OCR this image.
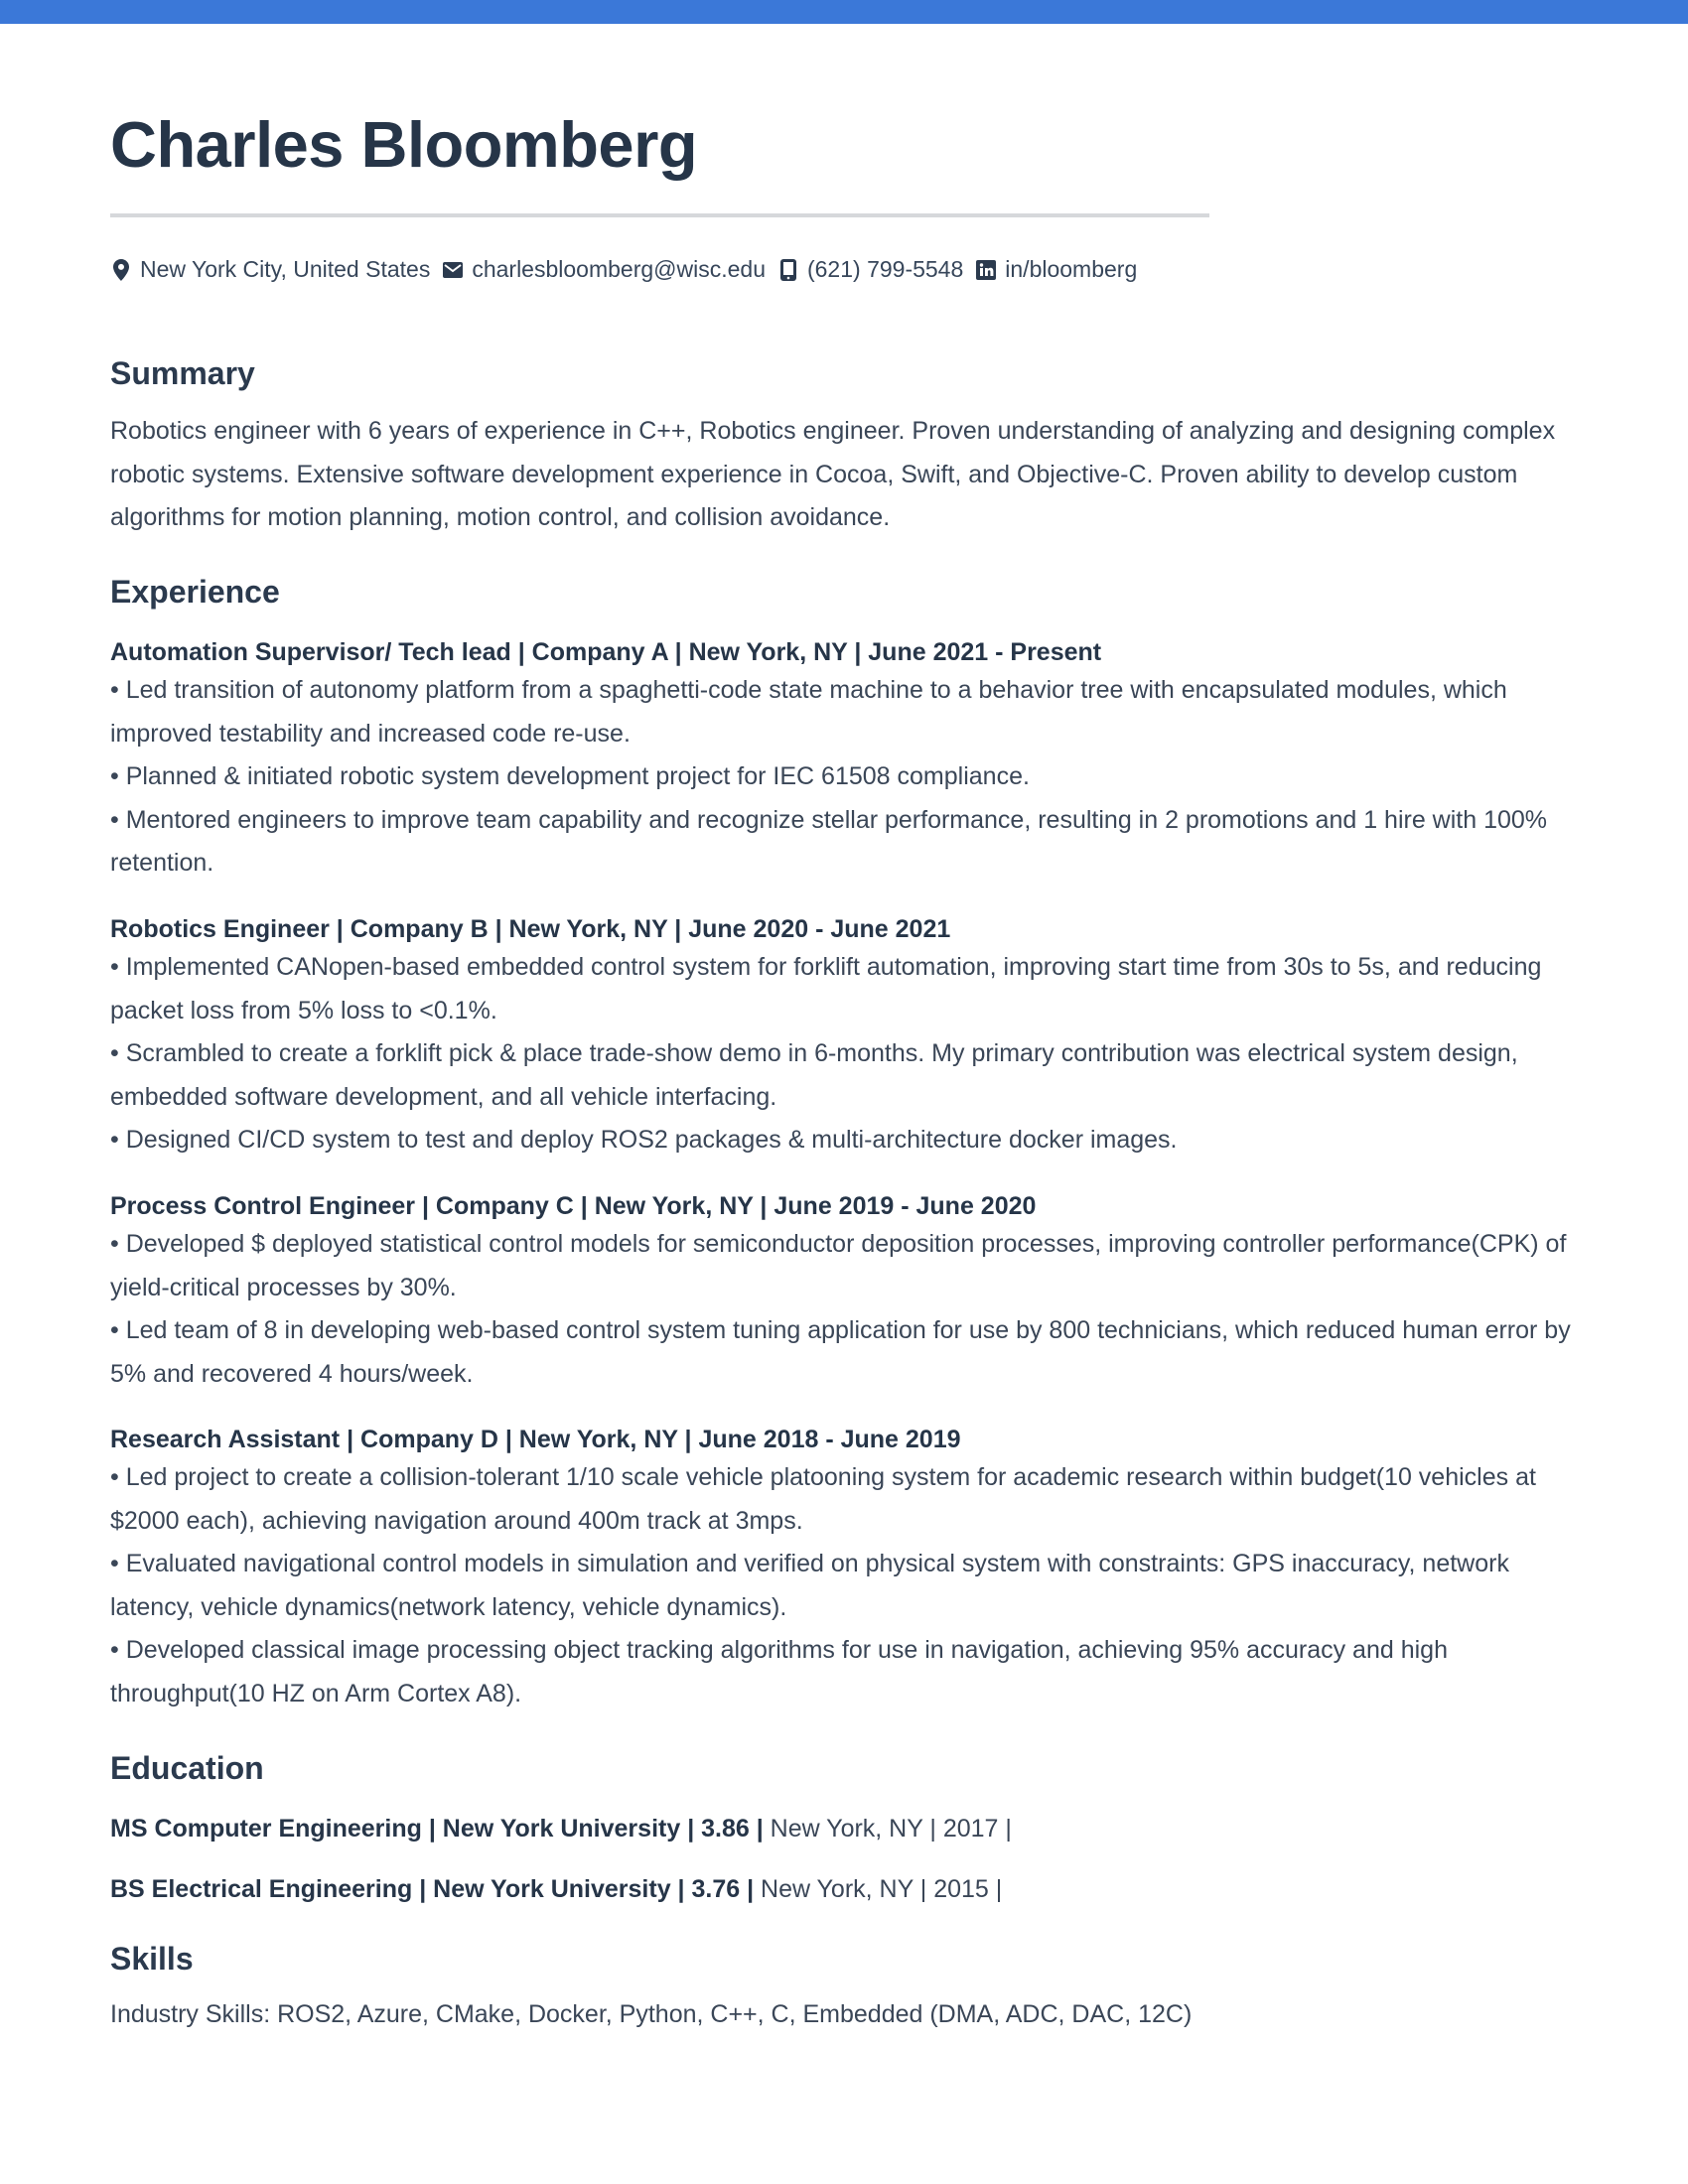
Charles Bloomberg
New York City, United States charlesbloomberg@wisc.edu (621) 799-5548 in/bloomberg
Summary
Robotics engineer with 6 years of experience in C++, Robotics engineer. Proven understanding of analyzing and designing complex robotic systems. Extensive software development experience in Cocoa, Swift, and Objective-C. Proven ability to develop custom algorithms for motion planning, motion control, and collision avoidance.
Experience
Automation Supervisor/ Tech lead | Company A | New York, NY | June 2021 - Present
• Led transition of autonomy platform from a spaghetti-code state machine to a behavior tree with encapsulated modules, which improved testability and increased code re-use.
• Planned & initiated robotic system development project for IEC 61508 compliance.
• Mentored engineers to improve team capability and recognize stellar performance, resulting in 2 promotions and 1 hire with 100% retention.
Robotics Engineer | Company B | New York, NY | June 2020 - June 2021
• Implemented CANopen-based embedded control system for forklift automation, improving start time from 30s to 5s, and reducing packet loss from 5% loss to <0.1%.
• Scrambled to create a forklift pick & place trade-show demo in 6-months. My primary contribution was electrical system design, embedded software development, and all vehicle interfacing.
• Designed CI/CD system to test and deploy ROS2 packages & multi-architecture docker images.
Process Control Engineer | Company C | New York, NY | June 2019 - June 2020
• Developed $ deployed statistical control models for semiconductor deposition processes, improving controller performance(CPK) of yield-critical processes by 30%.
• Led team of 8 in developing web-based control system tuning application for use by 800 technicians, which reduced human error by 5% and recovered 4 hours/week.
Research Assistant | Company D | New York, NY | June 2018 - June 2019
• Led project to create a collision-tolerant 1/10 scale vehicle platooning system for academic research within budget(10 vehicles at $2000 each), achieving navigation around 400m track at 3mps.
• Evaluated navigational control models in simulation and verified on physical system with constraints: GPS inaccuracy, network latency, vehicle dynamics(network latency, vehicle dynamics).
• Developed classical image processing object tracking algorithms for use in navigation, achieving 95% accuracy and high throughput(10 HZ on Arm Cortex A8).
Education
MS Computer Engineering | New York University | 3.86 | New York, NY | 2017 |
BS Electrical Engineering | New York University | 3.76 | New York, NY | 2015 |
Skills
Industry Skills: ROS2, Azure, CMake, Docker, Python, C++, C, Embedded (DMA, ADC, DAC, 12C)
